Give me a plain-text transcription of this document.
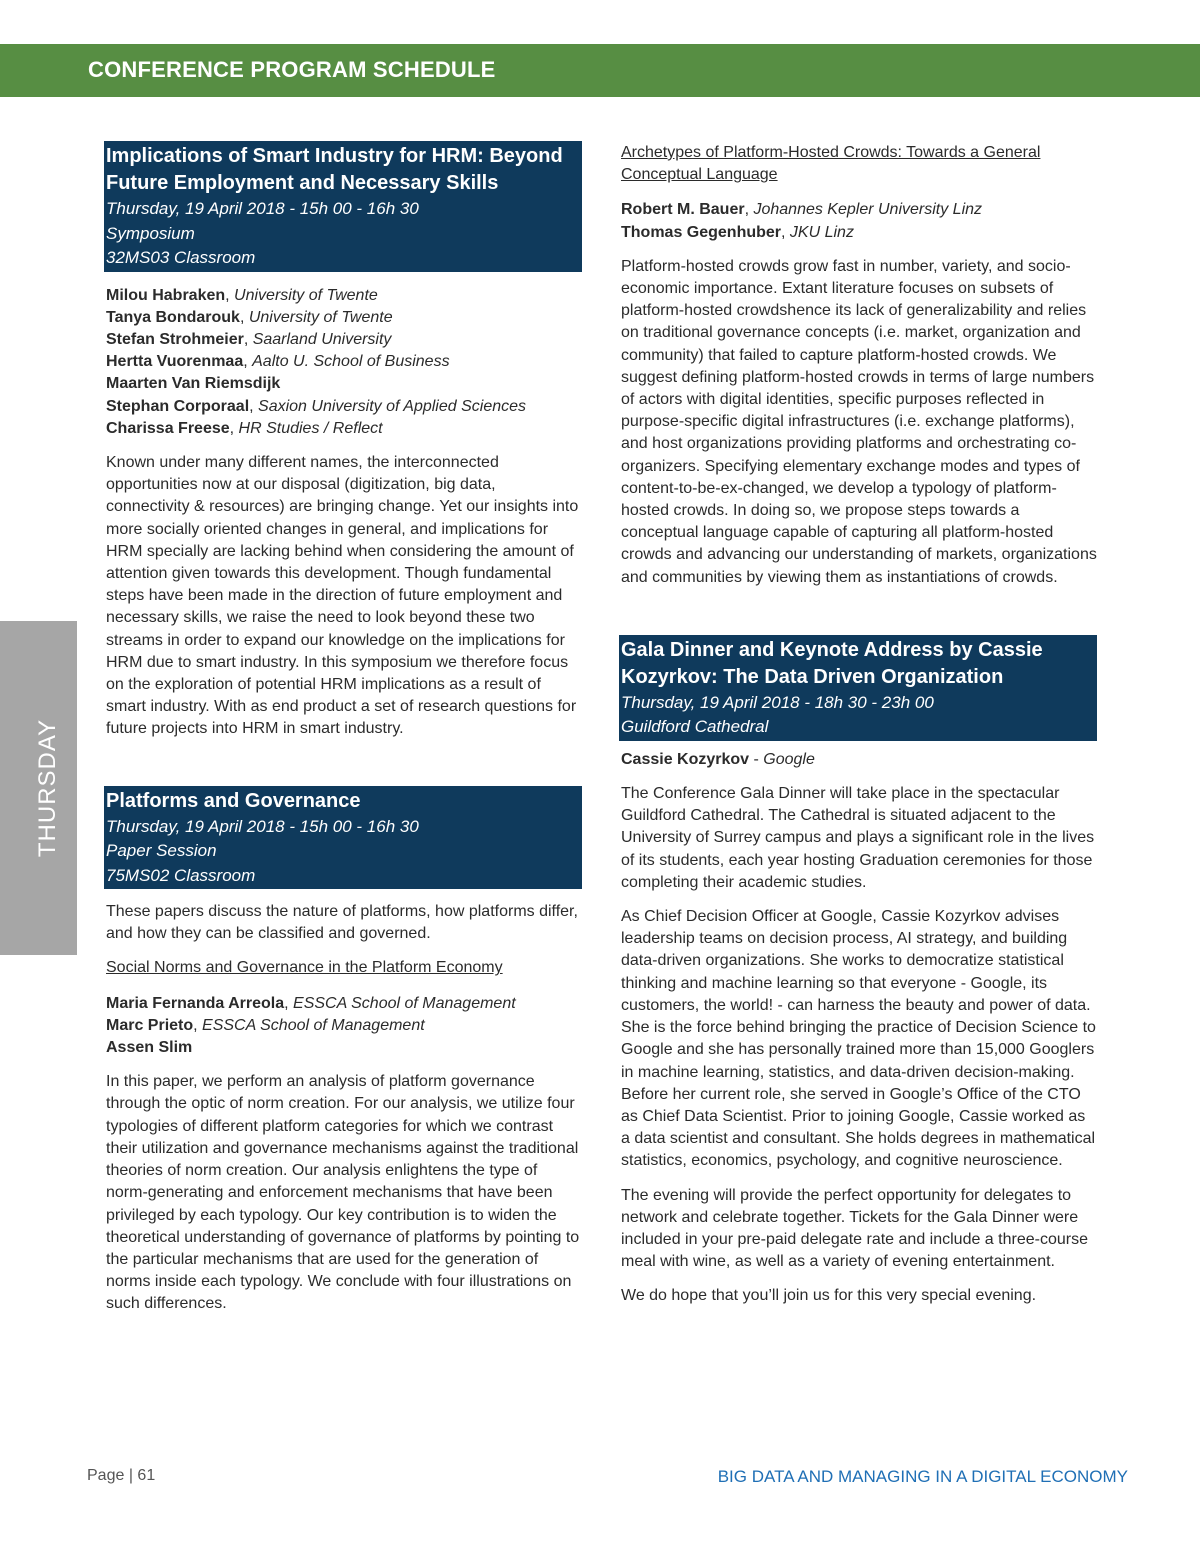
CONFERENCE PROGRAM SCHEDULE
THURSDAY
Implications of Smart Industry for HRM: Beyond Future Employment and Necessary Skills
Thursday, 19 April 2018 - 15h 00 - 16h 30
Symposium
32MS03 Classroom
Milou Habraken, University of Twente
Tanya Bondarouk, University of Twente
Stefan Strohmeier, Saarland University
Hertta Vuorenmaa, Aalto U. School of Business
Maarten Van Riemsdijk
Stephan Corporaal, Saxion University of Applied Sciences
Charissa Freese, HR Studies / Reflect

Known under many different names, the interconnected opportunities now at our disposal (digitization, big data, connectivity & resources) are bringing change. Yet our insights into more socially oriented changes in general, and implications for HRM specially are lacking behind when considering the amount of attention given towards this development. Though fundamental steps have been made in the direction of future employment and necessary skills, we raise the need to look beyond these two streams in order to expand our knowledge on the implications for HRM due to smart industry. In this symposium we therefore focus on the exploration of potential HRM implications as a result of smart industry. With as end product a set of research questions for future projects into HRM in smart industry.

Platforms and Governance
Thursday, 19 April 2018 - 15h 00 - 16h 30
Paper Session
75MS02 Classroom

These papers discuss the nature of platforms, how platforms differ, and how they can be classified and governed.

Social Norms and Governance in the Platform Economy

Maria Fernanda Arreola, ESSCA School of Management
Marc Prieto, ESSCA School of Management
Assen Slim

In this paper, we perform an analysis of platform governance through the optic of norm creation. For our analysis, we utilize four typologies of different platform categories for which we contrast their utilization and governance mechanisms against the traditional theories of norm creation. Our analysis enlightens the type of norm-generating and enforcement mechanisms that have been privileged by each typology. Our key contribution is to widen the theoretical understanding of governance of platforms by pointing to the particular mechanisms that are used for the generation of norms inside each typology. We conclude with four illustrations on such differences.

Archetypes of Platform-Hosted Crowds: Towards a General Conceptual Language

Robert M. Bauer, Johannes Kepler University Linz
Thomas Gegenhuber, JKU Linz

Platform-hosted crowds grow fast in number, variety, and socio-economic importance. Extant literature focuses on subsets of platform-hosted crowdshence its lack of generalizability and relies on traditional governance concepts (i.e. market, organization and community) that failed to capture platform-hosted crowds. We suggest defining platform-hosted crowds in terms of large numbers of actors with digital identities, specific purposes reflected in purpose-specific digital infrastructures (i.e. exchange platforms), and host organizations providing platforms and orchestrating co-organizers. Specifying elementary exchange modes and types of content-to-be-ex-changed, we develop a typology of platform-hosted crowds. In doing so, we propose steps towards a conceptual language capable of capturing all platform-hosted crowds and advancing our understanding of markets, organizations and communities by viewing them as instantiations of crowds.

Gala Dinner and Keynote Address by Cassie Kozyrkov: The Data Driven Organization
Thursday, 19 April 2018 - 18h 30 - 23h 00
Guildford Cathedral
Cassie Kozyrkov - Google

The Conference Gala Dinner will take place in the spectacular Guildford Cathedral. The Cathedral is situated adjacent to the University of Surrey campus and plays a significant role in the lives of its students, each year hosting Graduation ceremonies for those completing their academic studies.

As Chief Decision Officer at Google, Cassie Kozyrkov advises leadership teams on decision process, AI strategy, and building data-driven organizations. She works to democratize statistical thinking and machine learning so that everyone - Google, its customers, the world! - can harness the beauty and power of data. She is the force behind bringing the practice of Decision Science to Google and she has personally trained more than 15,000 Googlers in machine learning, statistics, and data-driven decision-making. Before her current role, she served in Google’s Office of the CTO as Chief Data Scientist. Prior to joining Google, Cassie worked as a data scientist and consultant. She holds degrees in mathematical statistics, economics, psychology, and cognitive neuroscience.

The evening will provide the perfect opportunity for delegates to network and celebrate together. Tickets for the Gala Dinner were included in your pre-paid delegate rate and include a three-course meal with wine, as well as a variety of evening entertainment.

We do hope that you’ll join us for this very special evening.

Page | 61	BIG DATA AND MANAGING IN A DIGITAL ECONOMY
